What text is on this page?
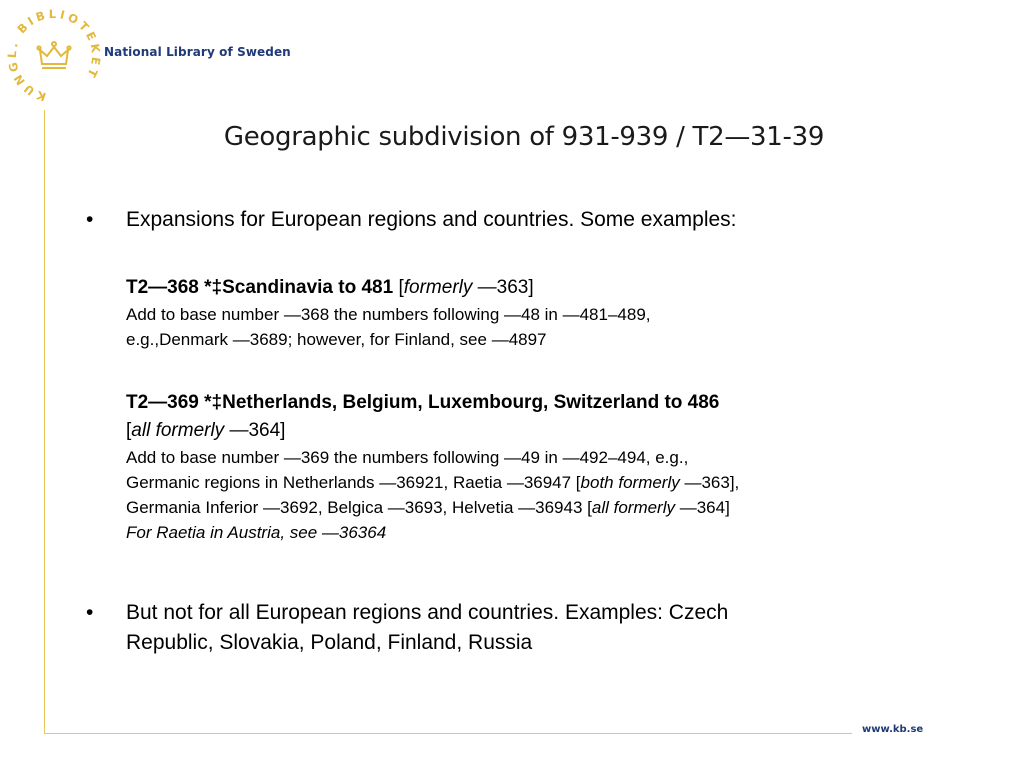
KUNGL. BIBLIOTEKET
National Library of Sweden
www.kb.se
Geographic subdivision of 931-939 / T2—31-39
• Expansions for European regions and countries. Some examples:
T2—368 *‡Scandinavia to 481 [formerly —363]
Add to base number —368 the numbers following —48 in —481–489,
e.g.,Denmark —3689; however, for Finland, see —4897
T2—369 *‡Netherlands, Belgium, Luxembourg, Switzerland to 486
[all formerly —364]
Add to base number —369 the numbers following —49 in —492–494, e.g.,
Germanic regions in Netherlands —36921, Raetia —36947 [both formerly —363],
Germania Inferior —3692, Belgica —3693, Helvetia —36943 [all formerly —364]
For Raetia in Austria, see —36364
• But not for all European regions and countries. Examples: Czech
Republic, Slovakia, Poland, Finland, Russia
